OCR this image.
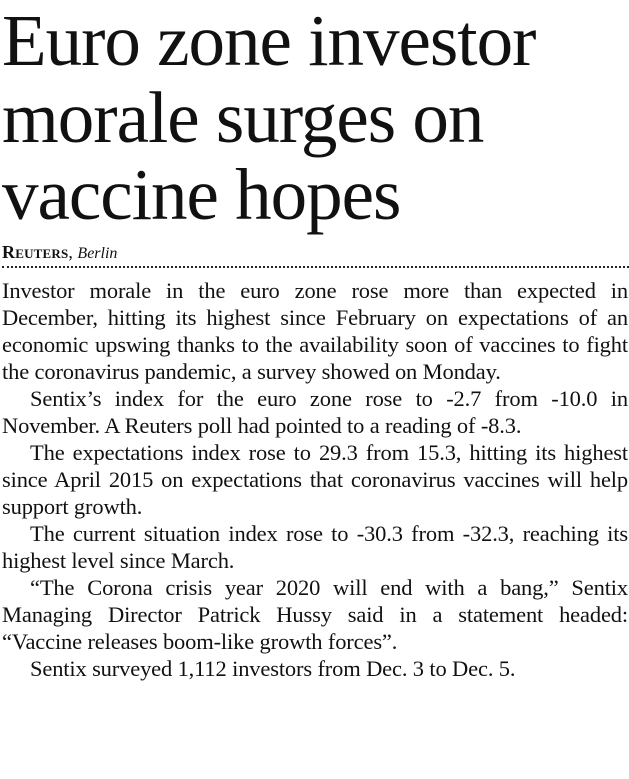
Euro zone investor morale surges on vaccine hopes
Reuters, Berlin

Investor morale in the euro zone rose more than expected in December, hitting its highest since February on expectations of an economic upswing thanks to the availability soon of vaccines to fight the coronavirus pandemic, a survey showed on Monday.

Sentix’s index for the euro zone rose to -2.7 from -10.0 in November. A Reuters poll had pointed to a reading of -8.3.

The expectations index rose to 29.3 from 15.3, hitting its highest since April 2015 on expectations that coronavirus vaccines will help support growth.

The current situation index rose to -30.3 from -32.3, reaching its highest level since March.

“The Corona crisis year 2020 will end with a bang,” Sentix Managing Director Patrick Hussy said in a statement headed: “Vaccine releases boom-like growth forces”.

Sentix surveyed 1,112 investors from Dec. 3 to Dec. 5.
